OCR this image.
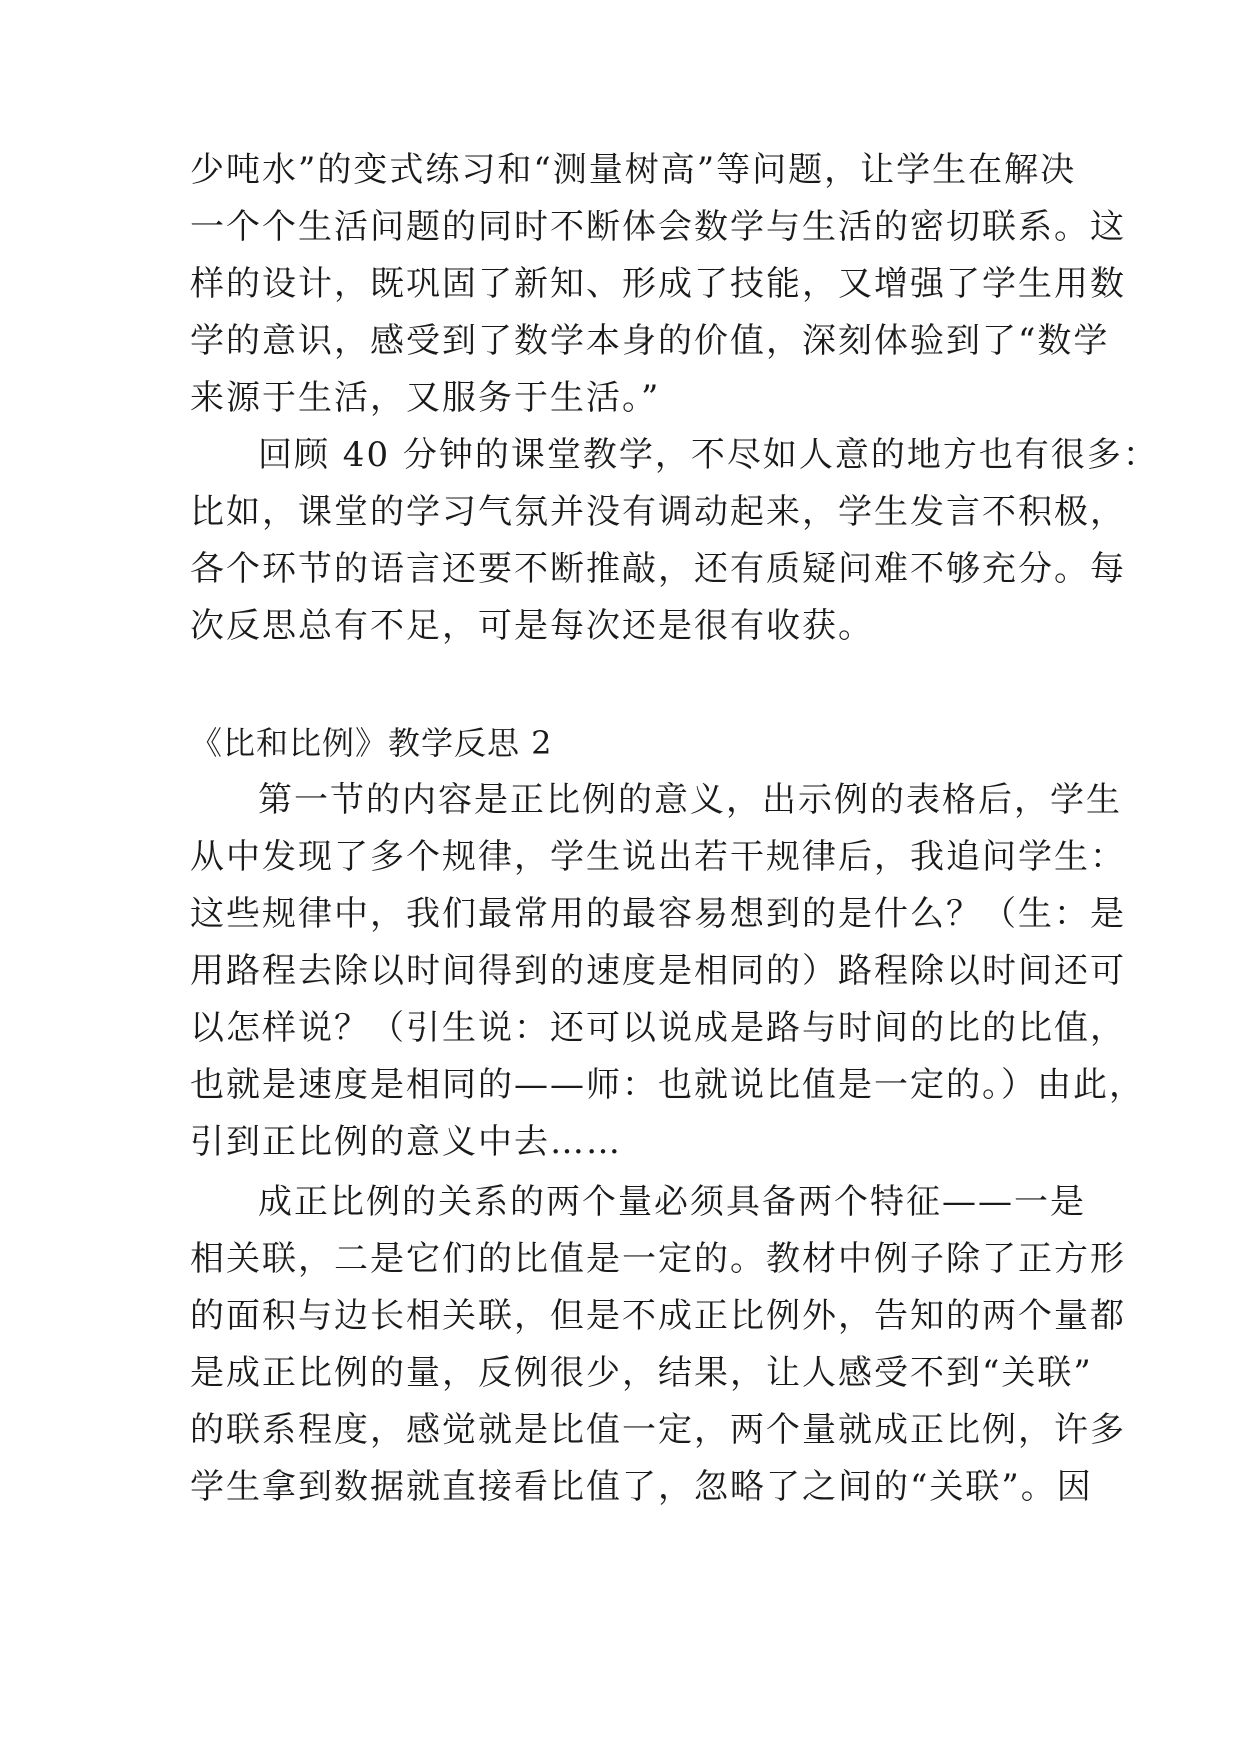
少吨水”的变式练习和“测量树高”等问题，让学生在解决
一个个生活问题的同时不断体会数学与生活的密切联系。这
样的设计，既巩固了新知、形成了技能，又增强了学生用数
学的意识，感受到了数学本身的价值，深刻体验到了“数学
来源于生活，又服务于生活。”
回顾 40 分钟的课堂教学，不尽如人意的地方也有很多：
比如，课堂的学习气氛并没有调动起来，学生发言不积极，
各个环节的语言还要不断推敲，还有质疑问难不够充分。每
次反思总有不足，可是每次还是很有收获。
《比和比例》教学反思 2
第一节的内容是正比例的意义，出示例的表格后，学生
从中发现了多个规律，学生说出若干规律后，我追问学生：
这些规律中，我们最常用的最容易想到的是什么？（生：是
用路程去除以时间得到的速度是相同的）路程除以时间还可
以怎样说？（引生说：还可以说成是路与时间的比的比值，
也就是速度是相同的——师：也就说比值是一定的。）由此，
引到正比例的意义中去……
成正比例的关系的两个量必须具备两个特征——一是
相关联，二是它们的比值是一定的。教材中例子除了正方形
的面积与边长相关联，但是不成正比例外，告知的两个量都
是成正比例的量，反例很少，结果，让人感受不到“关联”
的联系程度，感觉就是比值一定，两个量就成正比例，许多
学生拿到数据就直接看比值了，忽略了之间的“关联”。因
